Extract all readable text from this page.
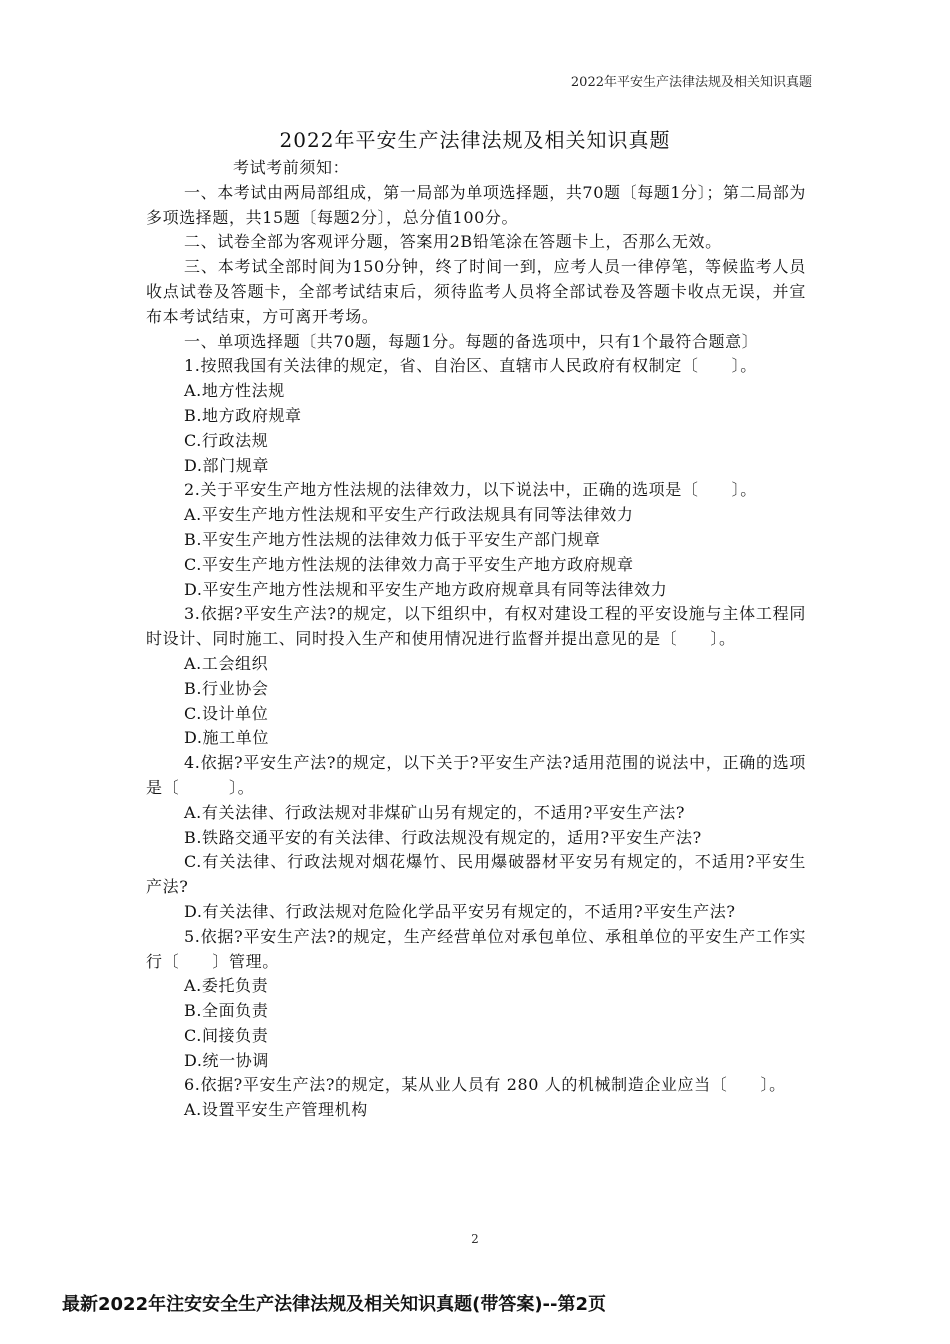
2022年平安生产法律法规及相关知识真题
2022年平安生产法律法规及相关知识真题

考试考前须知：

一、本考试由两局部组成，第一局部为单项选择题，共70题〔每题1分〕；第二局部为多项选择题，共15题〔每题2分〕，总分值100分。

二、试卷全部为客观评分题，答案用2B铅笔涂在答题卡上，否那么无效。

三、本考试全部时间为150分钟，终了时间一到，应考人员一律停笔，等候监考人员收点试卷及答题卡，全部考试结束后，须待监考人员将全部试卷及答题卡收点无误，并宣布本考试结束，方可离开考场。

一、单项选择题〔共70题，每题1分。每题的备选项中，只有1个最符合题意〕

1.按照我国有关法律的规定，省、自治区、直辖市人民政府有权制定〔　　〕。

A.地方性法规

B.地方政府规章

C.行政法规

D.部门规章

2.关于平安生产地方性法规的法律效力，以下说法中，正确的选项是〔　　〕。

A.平安生产地方性法规和平安生产行政法规具有同等法律效力

B.平安生产地方性法规的法律效力低于平安生产部门规章

C.平安生产地方性法规的法律效力高于平安生产地方政府规章

D.平安生产地方性法规和平安生产地方政府规章具有同等法律效力

3.依据?平安生产法?的规定，以下组织中，有权对建设工程的平安设施与主体工程同时设计、同时施工、同时投入生产和使用情况进行监督并提出意见的是〔　　〕。

A.工会组织

B.行业协会

C.设计单位

D.施工单位

4.依据?平安生产法?的规定，以下关于?平安生产法?适用范围的说法中，正确的选项是〔　　　〕。

A.有关法律、行政法规对非煤矿山另有规定的，不适用?平安生产法?

B.铁路交通平安的有关法律、行政法规没有规定的，适用?平安生产法?

C.有关法律、行政法规对烟花爆竹、民用爆破器材平安另有规定的，不适用?平安生产法?

D.有关法律、行政法规对危险化学品平安另有规定的，不适用?平安生产法?

5.依据?平安生产法?的规定，生产经营单位对承包单位、承租单位的平安生产工作实行〔　　〕管理。

A.委托负责

B.全面负责

C.间接负责

D.统一协调

6.依据?平安生产法?的规定，某从业人员有 280 人的机械制造企业应当〔　　〕。

A.设置平安生产管理机构

2
最新2022年注安安全生产法律法规及相关知识真题(带答案)--第2页
